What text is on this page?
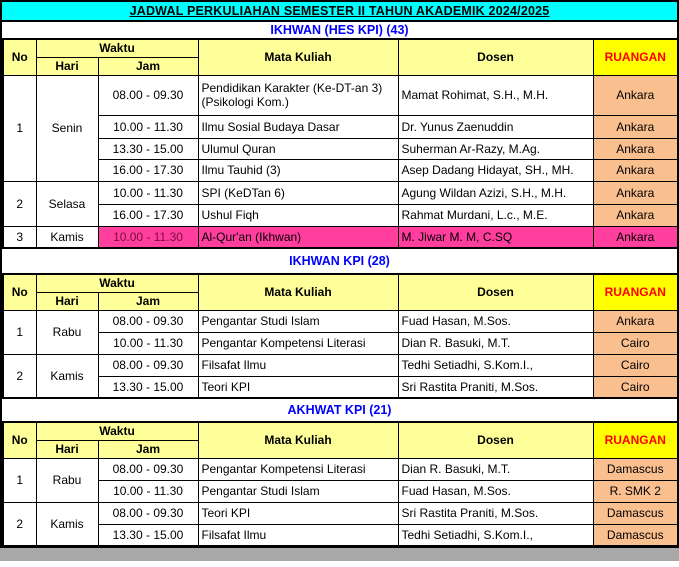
JADWAL PERKULIAHAN SEMESTER II TAHUN AKADEMIK 2024/2025
IKHWAN (HES KPI) (43)
No	Waktu		Mata Kuliah	Dosen	RUANGAN
	Hari	Jam			
1	Senin	08.00 - 09.30	Pendidikan Karakter (Ke-DT-an 3) (Psikologi Kom.)	Mamat Rohimat, S.H., M.H.	Ankara
		10.00 - 11.30	Ilmu Sosial Budaya Dasar	Dr. Yunus Zaenuddin	Ankara
		13.30 - 15.00	Ulumul Quran	Suherman Ar-Razy, M.Ag.	Ankara
		16.00 - 17.30	Ilmu Tauhid (3)	Asep Dadang Hidayat, SH., MH.	Ankara
2	Selasa	10.00 - 11.30	SPI (KeDTan 6)	Agung Wildan Azizi, S.H., M.H.	Ankara
		16.00 - 17.30	Ushul Fiqh	Rahmat Murdani, L.c., M.E.	Ankara
3	Kamis	10.00 - 11.30	Al-Qur'an (Ikhwan)	M. Jiwar M. M, C.SQ	Ankara
IKHWAN KPI (28)
No	Waktu		Mata Kuliah	Dosen	RUANGAN
	Hari	Jam			
1	Rabu	08.00 - 09.30	Pengantar Studi Islam	Fuad Hasan, M.Sos.	Ankara
		10.00 - 11.30	Pengantar Kompetensi Literasi	Dian R. Basuki, M.T.	Cairo
2	Kamis	08.00 - 09.30	Filsafat Ilmu	Tedhi Setiadhi, S.Kom.I.,	Cairo
		13.30 - 15.00	Teori KPI	Sri Rastita Praniti, M.Sos.	Cairo
AKHWAT KPI (21)
No	Waktu		Mata Kuliah	Dosen	RUANGAN
	Hari	Jam			
1	Rabu	08.00 - 09.30	Pengantar Kompetensi Literasi	Dian R. Basuki, M.T.	Damascus
		10.00 - 11.30	Pengantar Studi Islam	Fuad Hasan, M.Sos.	R. SMK 2
2	Kamis	08.00 - 09.30	Teori KPI	Sri Rastita Praniti, M.Sos.	Damascus
		13.30 - 15.00	Filsafat Ilmu	Tedhi Setiadhi, S.Kom.I.,	Damascus
